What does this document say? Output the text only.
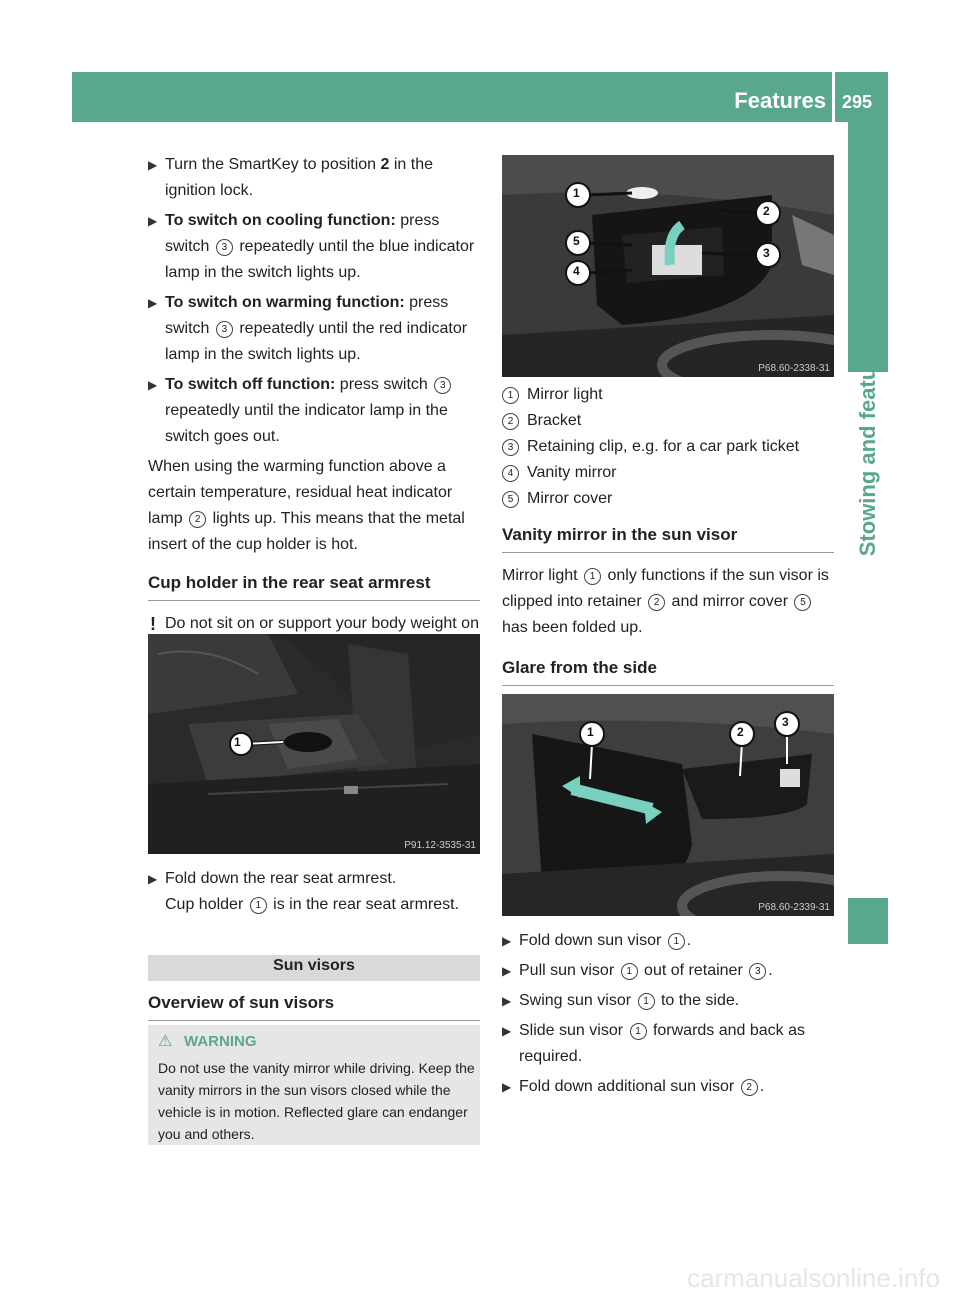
Features 295
Stowing and features
▶ Turn the SmartKey to position 2 in the ignition lock.
▶ To switch on cooling function: press switch 3 repeatedly until the blue indicator lamp in the switch lights up.
▶ To switch on warming function: press switch 3 repeatedly until the red indicator lamp in the switch lights up.
▶ To switch off function: press switch 3 repeatedly until the indicator lamp in the switch goes out.
When using the warming function above a certain temperature, residual heat indicator lamp 2 lights up. This means that the metal insert of the cup holder is hot.
Cup holder in the rear seat armrest
! Do not sit on or support your body weight on
1
P91.12-3535-31
▶ Fold down the rear seat armrest.
Cup holder 1 is in the rear seat armrest.
Sun visors
Overview of sun visors
⚠ WARNING
Do not use the vanity mirror while driving. Keep the vanity mirrors in the sun visors closed while the vehicle is in motion. Reflected glare can endanger you and others.
1
2
3
4
5
P68.60-2338-31
1 Mirror light
2 Bracket
3 Retaining clip, e.g. for a car park ticket
4 Vanity mirror
5 Mirror cover
Vanity mirror in the sun visor
Mirror light 1 only functions if the sun visor is clipped into retainer 2 and mirror cover 5 has been folded up.
Glare from the side
1	2
3
P68.60-2339-31
▶ Fold down sun visor 1 .
▶ Pull sun visor 1 out of retainer 3 .
▶ Swing sun visor 1 to the side.
▶ Slide sun visor 1 forwards and back as required.
▶ Fold down additional sun visor 2 .
carmanualsonline.info
